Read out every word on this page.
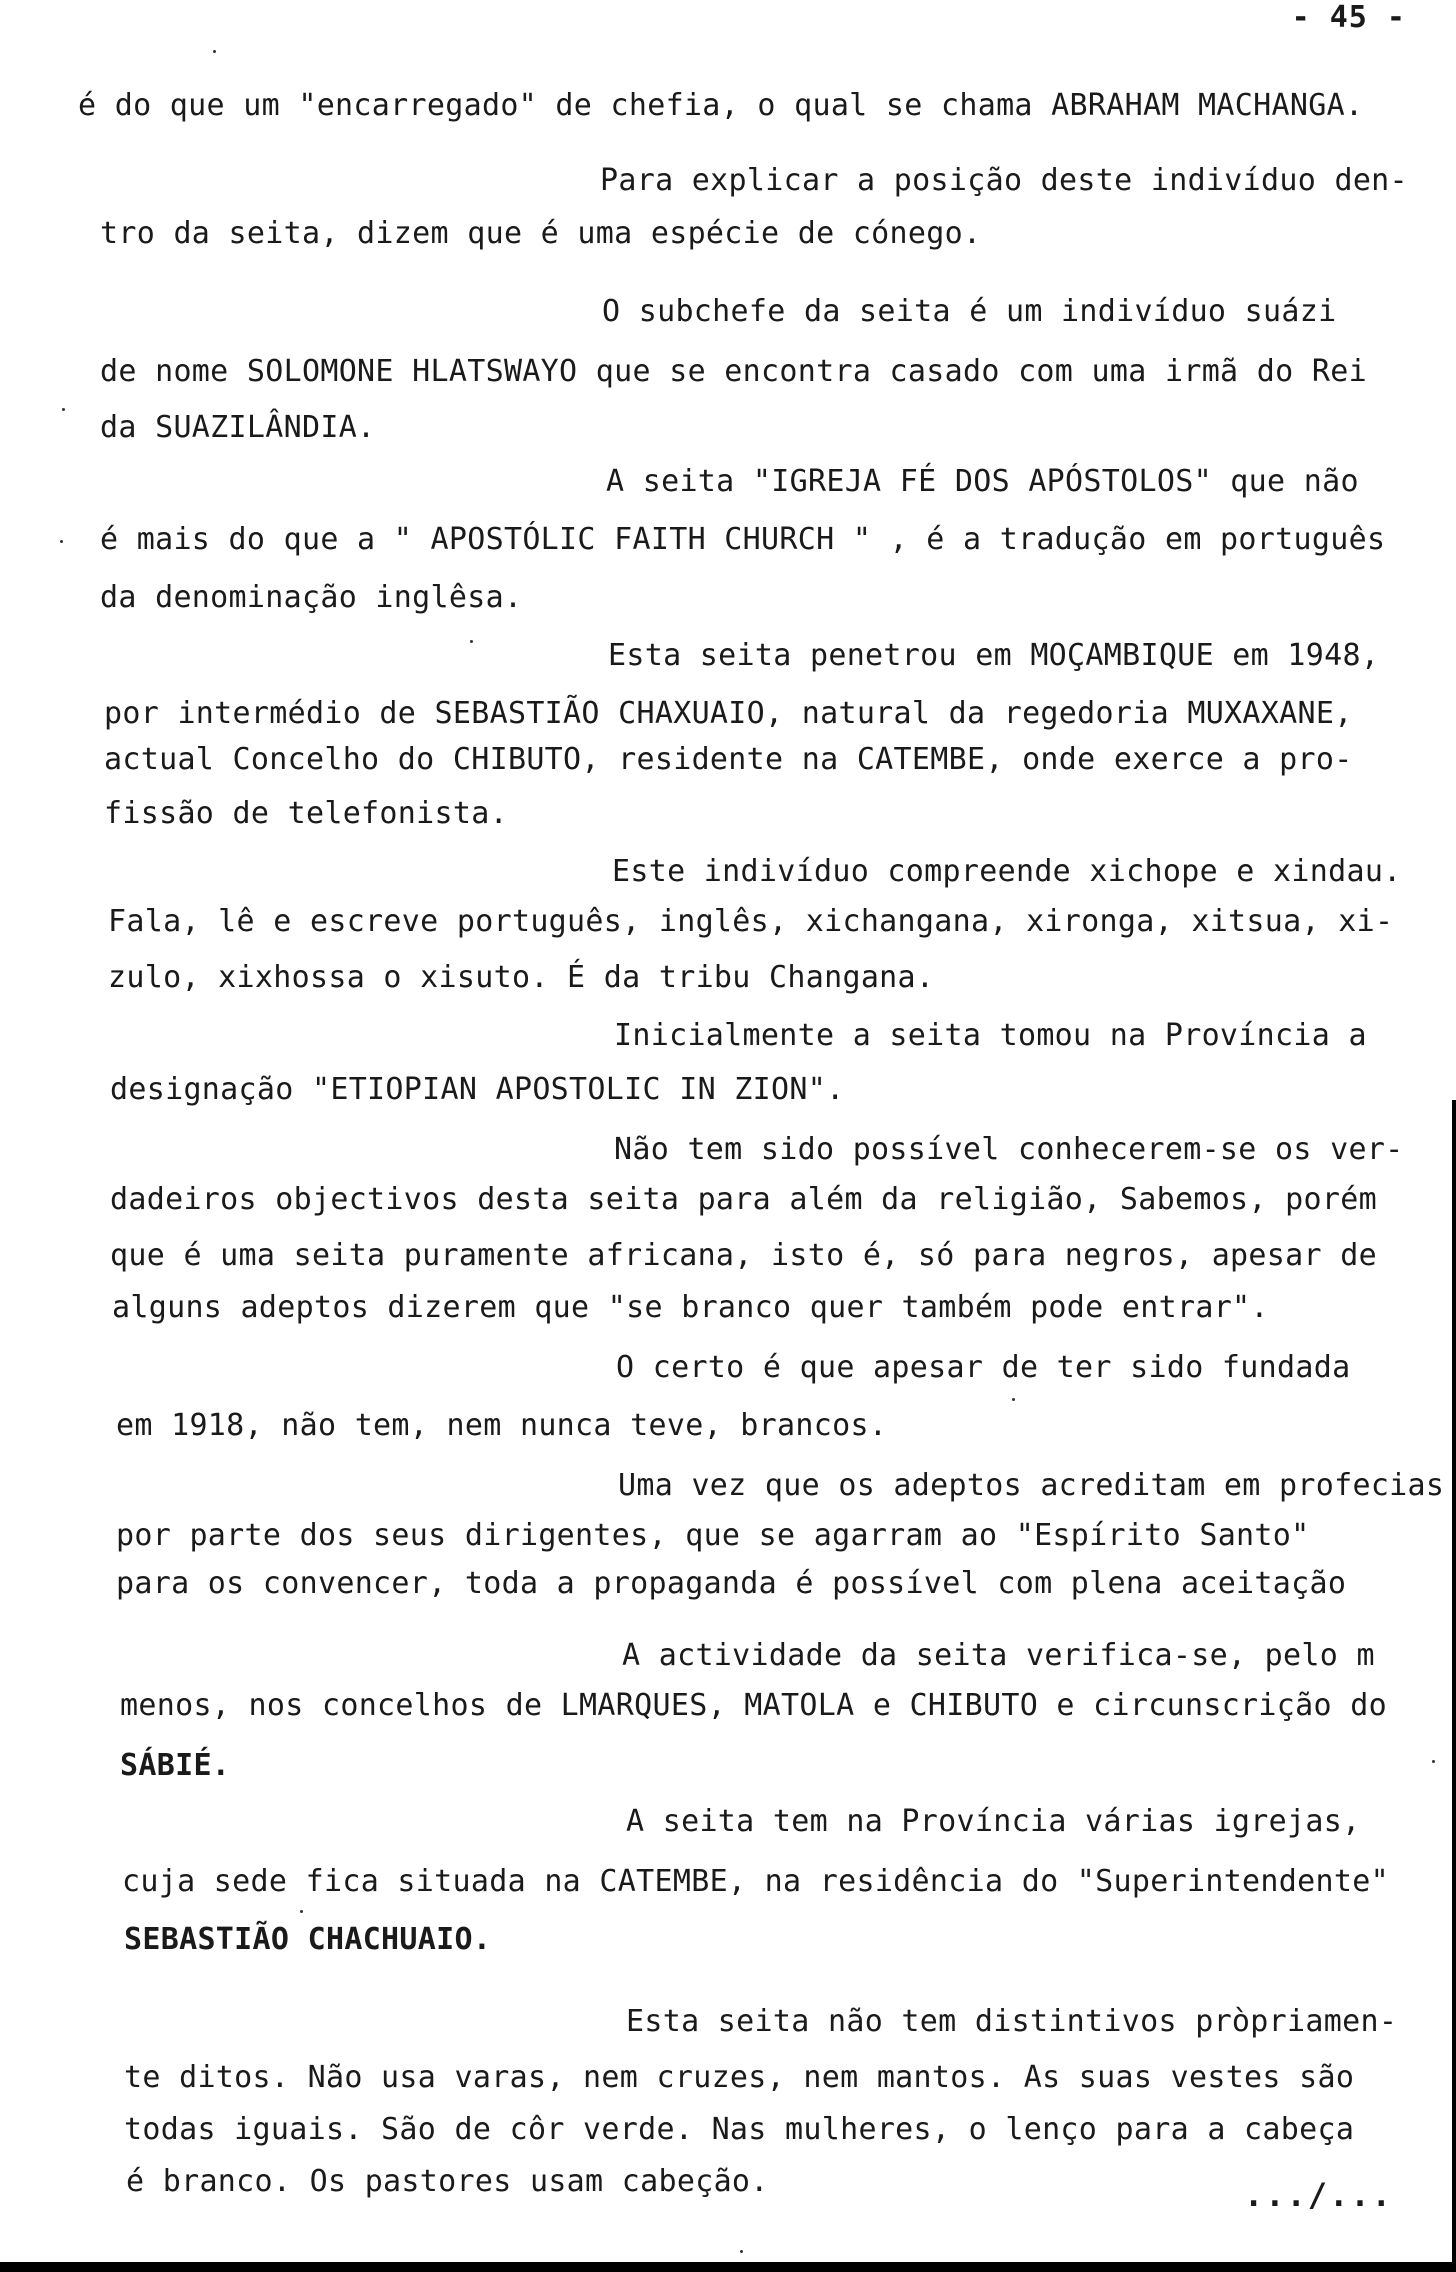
- 45 -
é do que um "encarregado" de chefia, o qual se chama ABRAHAM MACHANGA.
Para explicar a posição deste indivíduo den-
tro da seita, dizem que é uma espécie de cónego.
O subchefe da seita é um indivíduo suázi
de nome SOLOMONE HLATSWAYO que se encontra casado com uma irmã do Rei
da SUAZILÂNDIA.
A seita "IGREJA FÉ DOS APÓSTOLOS" que não
é mais do que a " APOSTÓLIC FAITH CHURCH " , é a tradução em português
da denominação inglêsa.
Esta seita penetrou em MOÇAMBIQUE em 1948,
por intermédio de SEBASTIÃO CHAXUAIO, natural da regedoria MUXAXANE,
actual Concelho do CHIBUTO, residente na CATEMBE, onde exerce a pro-
fissão de telefonista.
Este indivíduo compreende xichope e xindau.
Fala, lê e escreve português, inglês, xichangana, xironga, xitsua, xi-
zulo, xixhossa o xisuto. É da tribu Changana.
Inicialmente a seita tomou na Província a
designação "ETIOPIAN APOSTOLIC IN ZION".
Não tem sido possível conhecerem-se os ver-
dadeiros objectivos desta seita para além da religião, Sabemos, porém
que é uma seita puramente africana, isto é, só para negros, apesar de
alguns adeptos dizerem que "se branco quer também pode entrar".
O certo é que apesar de ter sido fundada
em 1918, não tem, nem nunca teve, brancos.
Uma vez que os adeptos acreditam em profecias
por parte dos seus dirigentes, que se agarram ao "Espírito Santo"
para os convencer, toda a propaganda é possível com plena aceitação
A actividade da seita verifica-se, pelo m
menos, nos concelhos de LMARQUES, MATOLA e CHIBUTO e circunscrição do
SÁBIÉ.
A seita tem na Província várias igrejas,
cuja sede fica situada na CATEMBE, na residência do "Superintendente"
SEBASTIÃO CHACHUAIO.
Esta seita não tem distintivos pròpriamen-
te ditos. Não usa varas, nem cruzes, nem mantos. As suas vestes são
todas iguais. São de côr verde. Nas mulheres, o lenço para a cabeça
é branco. Os pastores usam cabeção.	.../...
